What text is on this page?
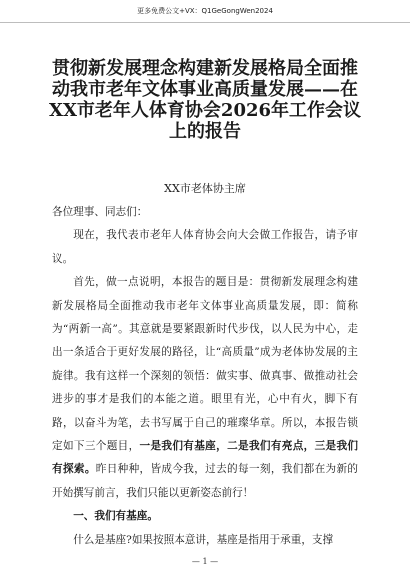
更多免费公文+VX：Q1GeGongWen2024
贯彻新发展理念构建新发展格局全面推动我市老年文体事业高质量发展——在XX市老年人体育协会2026年工作会议上的报告
XX市老体协主席

各位理事、同志们：

现在，我代表市老年人体育协会向大会做工作报告，请予审议。

首先，做一点说明，本报告的题目是：贯彻新发展理念构建新发展格局全面推动我市老年文体事业高质量发展，即：简称为“两新一高”。其意就是要紧跟新时代步伐，以人民为中心，走出一条适合于更好发展的路径，让“高质量”成为老体协发展的主旋律。我有这样一个深刻的领悟：做实事、做真事、做推动社会进步的事才是我们的本能之道。眼里有光，心中有火，脚下有路，以奋斗为笔，去书写属于自己的璀璨华章。所以，本报告锁定如下三个题目，一是我们有基座，二是我们有亮点，三是我们有探索。昨日种种，皆成今我，过去的每一刻，我们都在为新的开始撰写前言，我们只能以更新姿态前行！

一、我们有基座。

什么是基座?如果按照本意讲，基座是指用于承重，支撑

— 1 —
